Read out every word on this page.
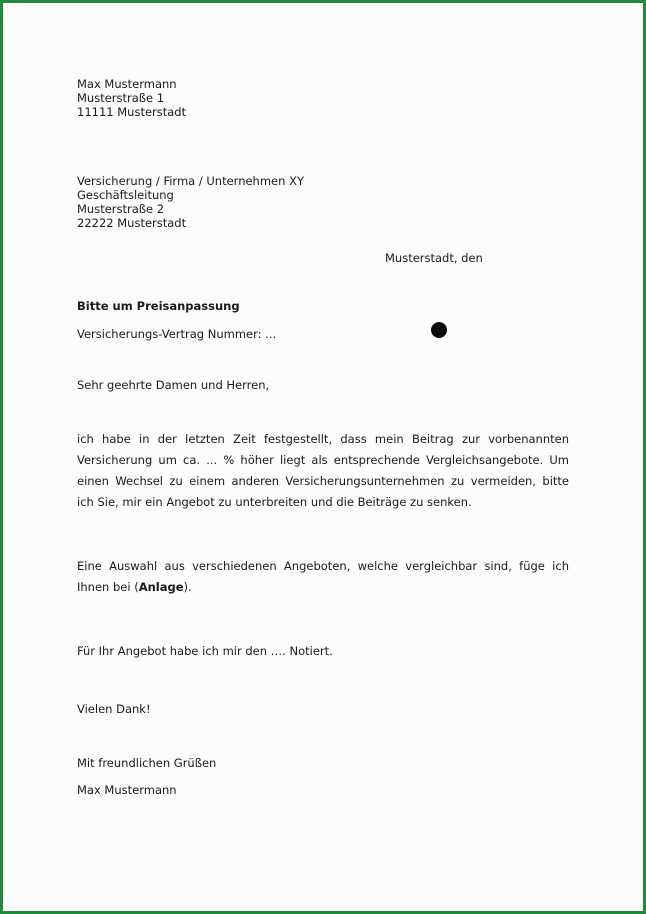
Max Mustermann
Musterstraße 1
11111 Musterstadt
Versicherung / Firma / Unternehmen XY
Geschäftsleitung
Musterstraße 2
22222 Musterstadt
Musterstadt, den
Bitte um Preisanpassung
Versicherungs-Vertrag Nummer: ...
Sehr geehrte Damen und Herren,
ich habe in der letzten Zeit festgestellt, dass mein Beitrag zur vorbenannten
Versicherung um ca. ... % höher liegt als entsprechende Vergleichsangebote. Um
einen Wechsel zu einem anderen Versicherungsunternehmen zu vermeiden, bitte
ich Sie, mir ein Angebot zu unterbreiten und die Beiträge zu senken.
Eine Auswahl aus verschiedenen Angeboten, welche vergleichbar sind, füge ich
Ihnen bei (Anlage).
Für Ihr Angebot habe ich mir den …. Notiert.
Vielen Dank!
Mit freundlichen Grüßen
Max Mustermann
